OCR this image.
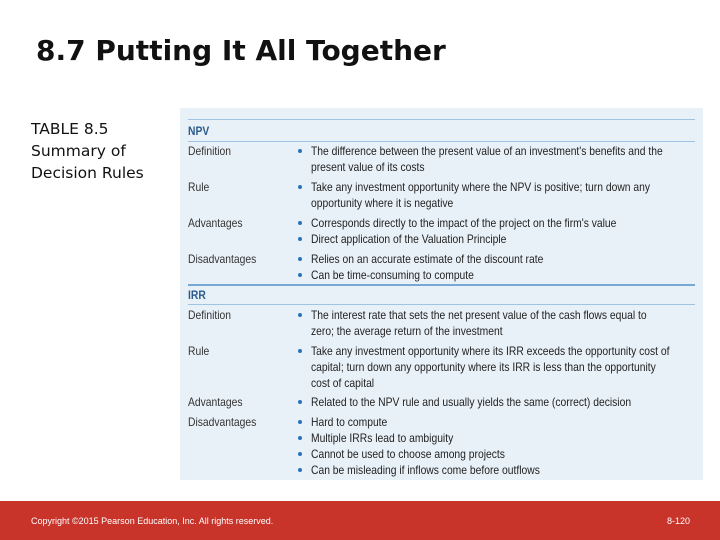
8.7 Putting It All Together
TABLE 8.5
Summary of
Decision Rules
NPV
Definition	The difference between the present value of an investment's benefits and the
present value of its costs
Rule	Take any investment opportunity where the NPV is positive; turn down any
opportunity where it is negative
Advantages	Corresponds directly to the impact of the project on the firm's value
Direct application of the Valuation Principle
Disadvantages	Relies on an accurate estimate of the discount rate
Can be time-consuming to compute
IRR
Definition	The interest rate that sets the net present value of the cash flows equal to
zero; the average return of the investment
Rule	Take any investment opportunity where its IRR exceeds the opportunity cost of
capital; turn down any opportunity where its IRR is less than the opportunity
cost of capital
Advantages	Related to the NPV rule and usually yields the same (correct) decision
Disadvantages	Hard to compute
Multiple IRRs lead to ambiguity
Cannot be used to choose among projects
Can be misleading if inflows come before outflows
Copyright ©2015 Pearson Education, Inc. All rights reserved.	8-120
